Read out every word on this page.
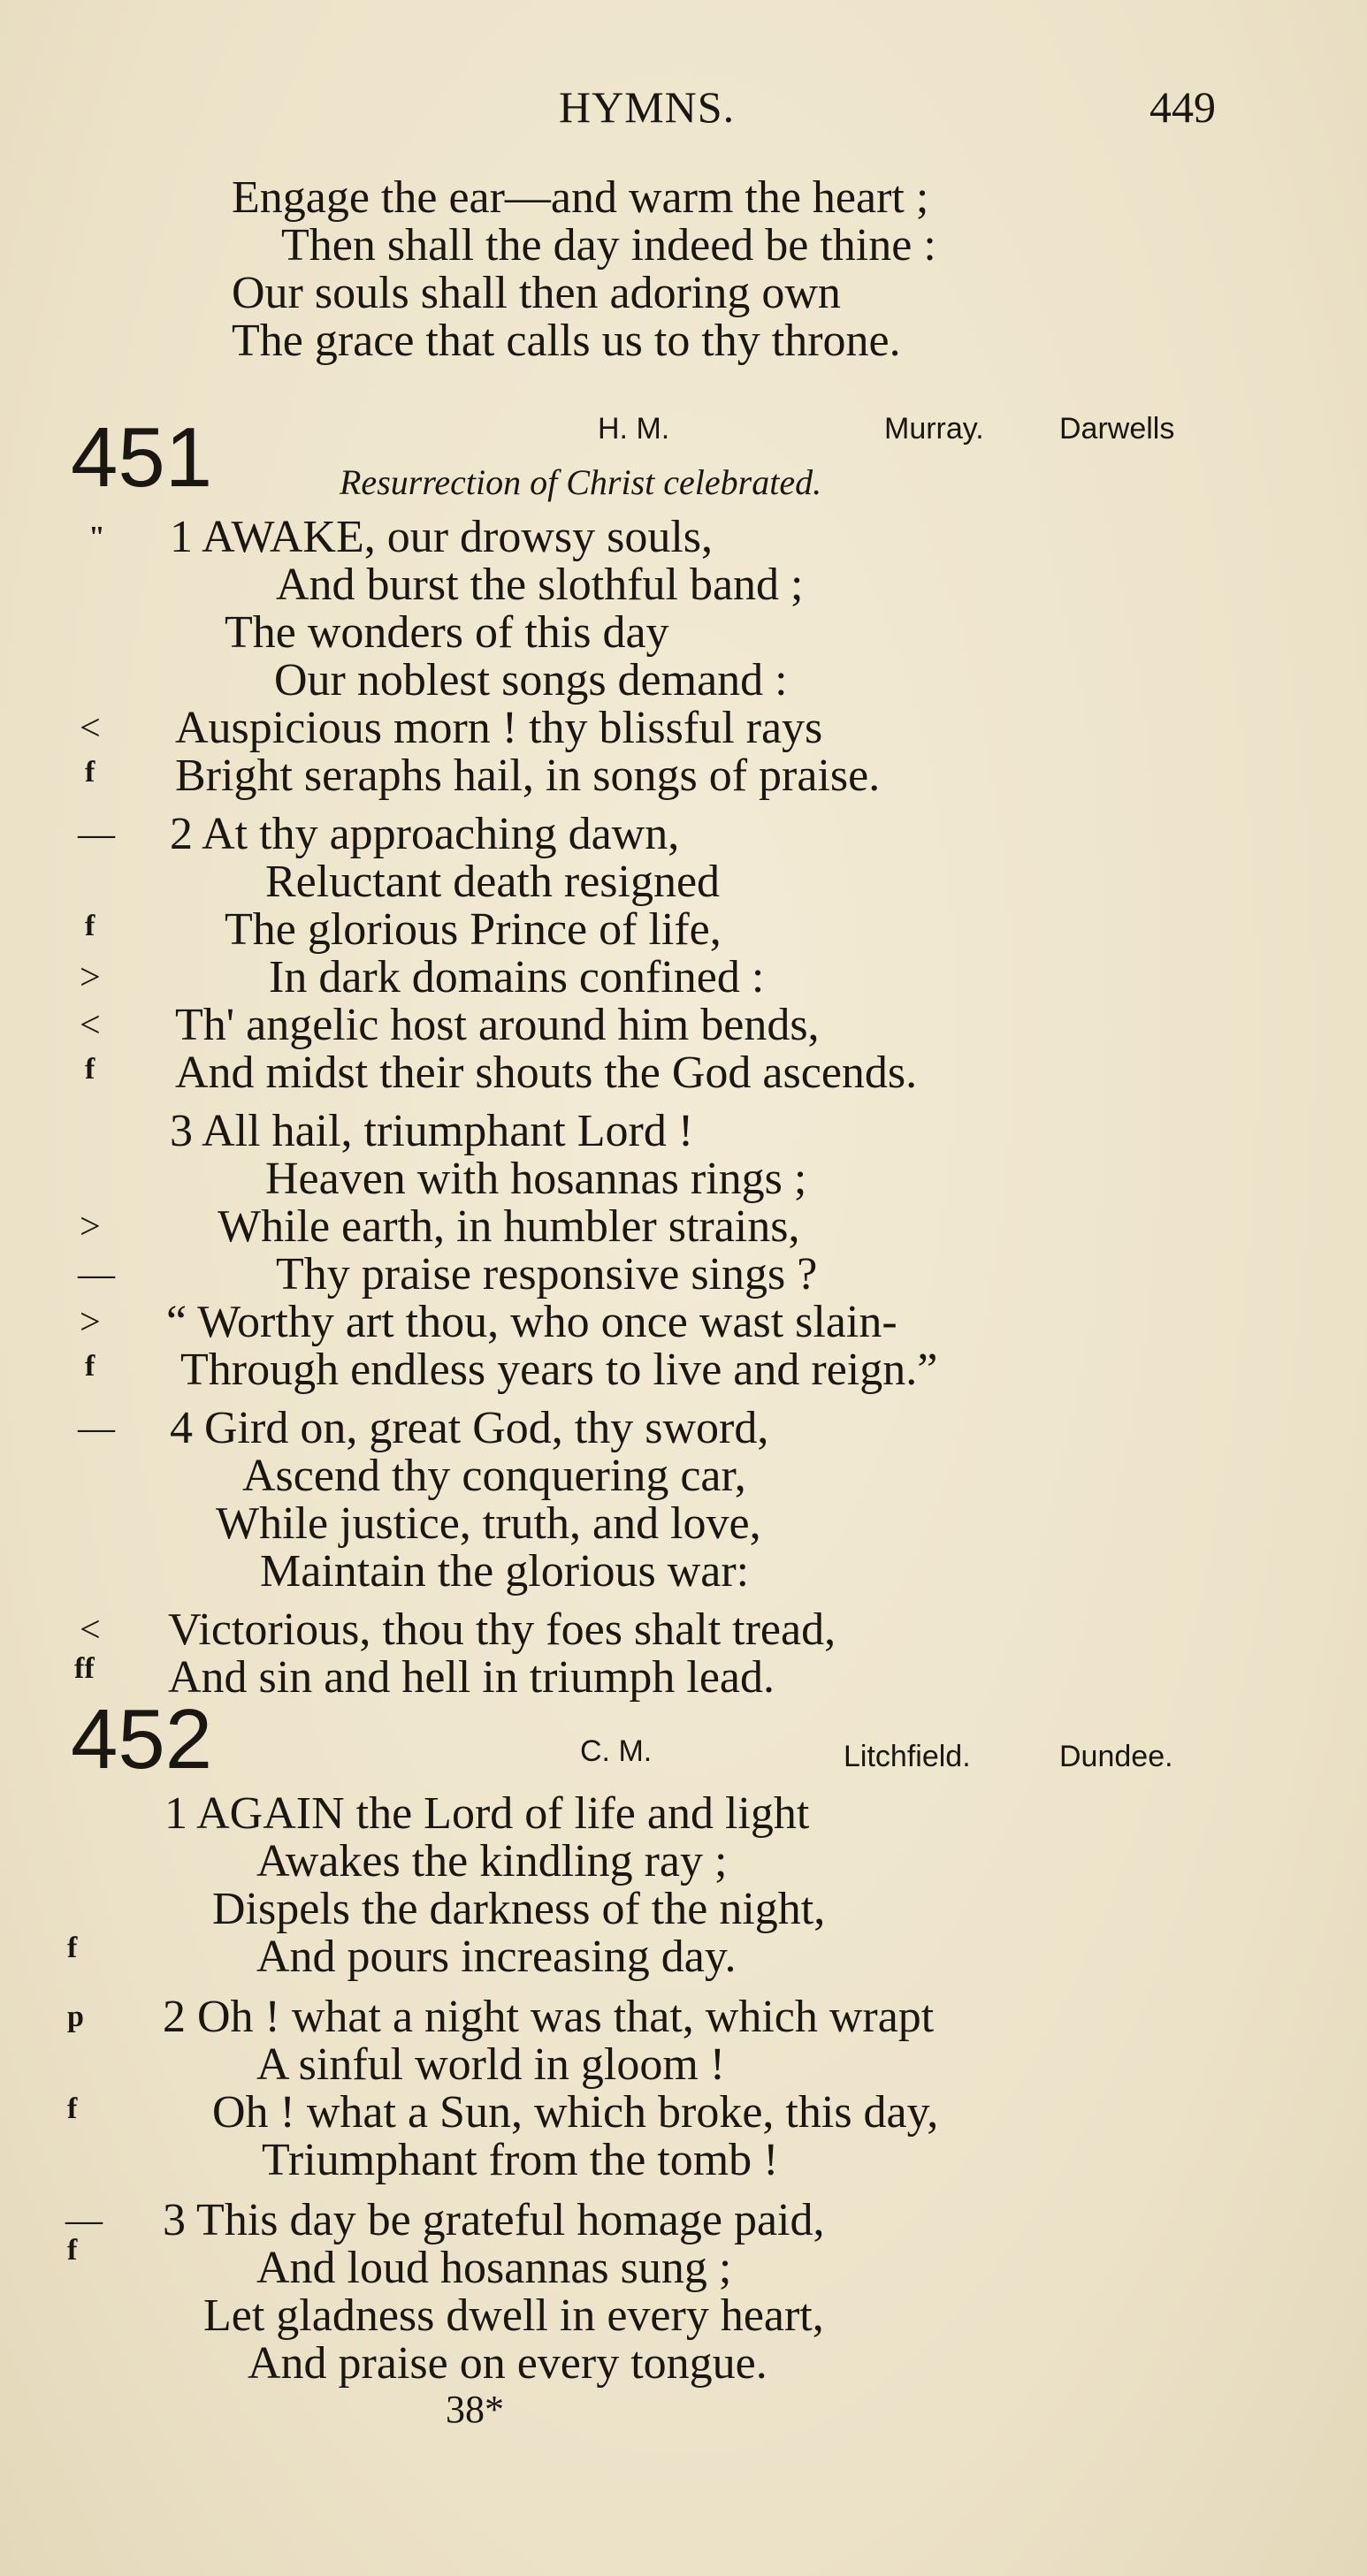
HYMNS.	449
Engage the ear—and warm the heart ;
Then shall the day indeed be thine :
Our souls shall then adoring own
The grace that calls us to thy throne.
451	H. M.	Murray.	Darwells
Resurrection of Christ celebrated.
1 AWAKE, our drowsy souls,
And burst the slothful band ;
The wonders of this day
Our noblest songs demand :
Auspicious morn ! thy blissful rays
Bright seraphs hail, in songs of praise.
2 At thy approaching dawn,
Reluctant death resigned
The glorious Prince of life,
In dark domains confined :
Th' angelic host around him bends,
And midst their shouts the God ascends.
3 All hail, triumphant Lord !
Heaven with hosannas rings ;
While earth, in humbler strains,
Thy praise responsive sings ?
“ Worthy art thou, who once wast slain-
Through endless years to live and reign.”
4 Gird on, great God, thy sword,
Ascend thy conquering car,
While justice, truth, and love,
Maintain the glorious war:
Victorious, thou thy foes shalt tread,
And sin and hell in triumph lead.
"
<
f
—
f
>
<
f
>
—
>
f
—
<
ff
452	C. M.	Litchfield.	Dundee.
1 AGAIN the Lord of life and light
Awakes the kindling ray ;
Dispels the darkness of the night,
And pours increasing day.
2 Oh ! what a night was that, which wrapt
A sinful world in gloom !
Oh ! what a Sun, which broke, this day,
Triumphant from the tomb !
3 This day be grateful homage paid,
And loud hosannas sung ;
Let gladness dwell in every heart,
And praise on every tongue.
f
p
f
—
f
38*
